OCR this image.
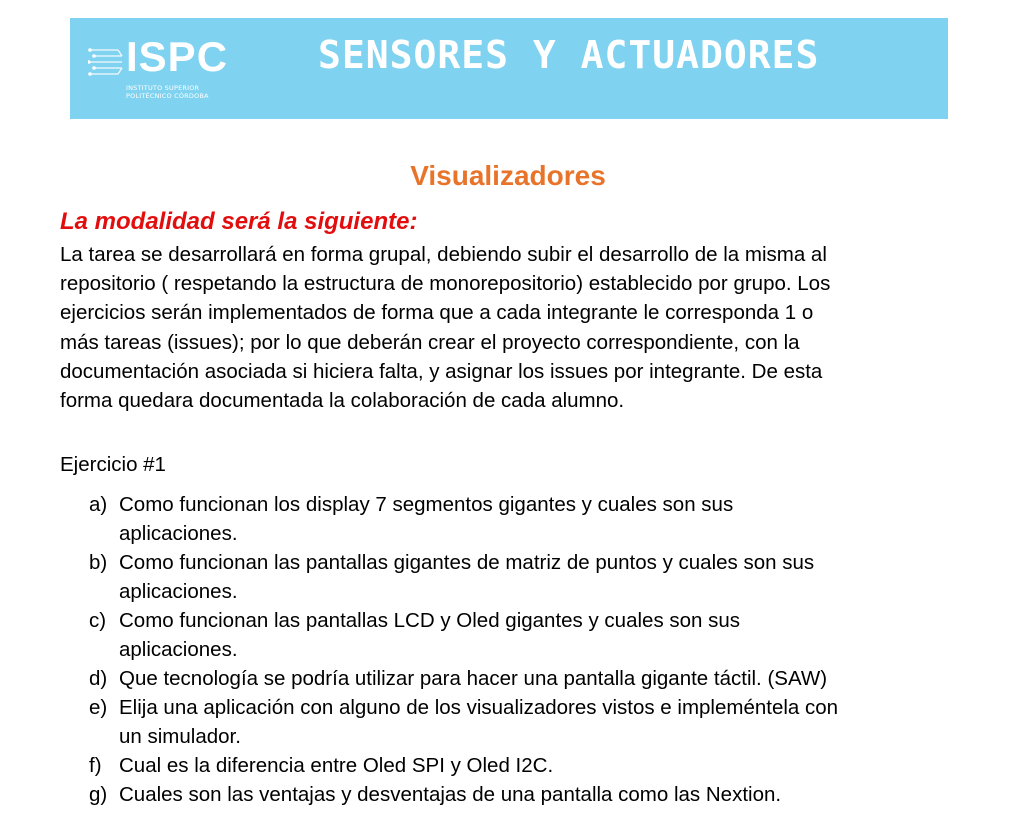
ISPC
INSTITUTO SUPERIOR
POLITÉCNICO CÓRDOBA
SENSORES Y ACTUADORES
Visualizadores
La modalidad será la siguiente:
La tarea se desarrollará en forma grupal, debiendo subir el desarrollo de la misma al
repositorio ( respetando la estructura de monorepositorio) establecido por grupo. Los
ejercicios serán implementados de forma que a cada integrante le corresponda 1 o
más tareas (issues); por lo que deberán crear el proyecto correspondiente, con la
documentación asociada si hiciera falta, y asignar los issues por integrante. De esta
forma quedara documentada la colaboración de cada alumno.
Ejercicio #1
a) Como funcionan los display 7 segmentos gigantes y cuales son sus
aplicaciones.
b) Como funcionan las pantallas gigantes de matriz de puntos y cuales son sus
aplicaciones.
c) Como funcionan las pantallas LCD y Oled gigantes y cuales son sus
aplicaciones.
d) Que tecnología se podría utilizar para hacer una pantalla gigante táctil. (SAW)
e) Elija una aplicación con alguno de los visualizadores vistos e impleméntela con
un simulador.
f) Cual es la diferencia entre Oled SPI y Oled I2C.
g) Cuales son las ventajas y desventajas de una pantalla como las Nextion.
